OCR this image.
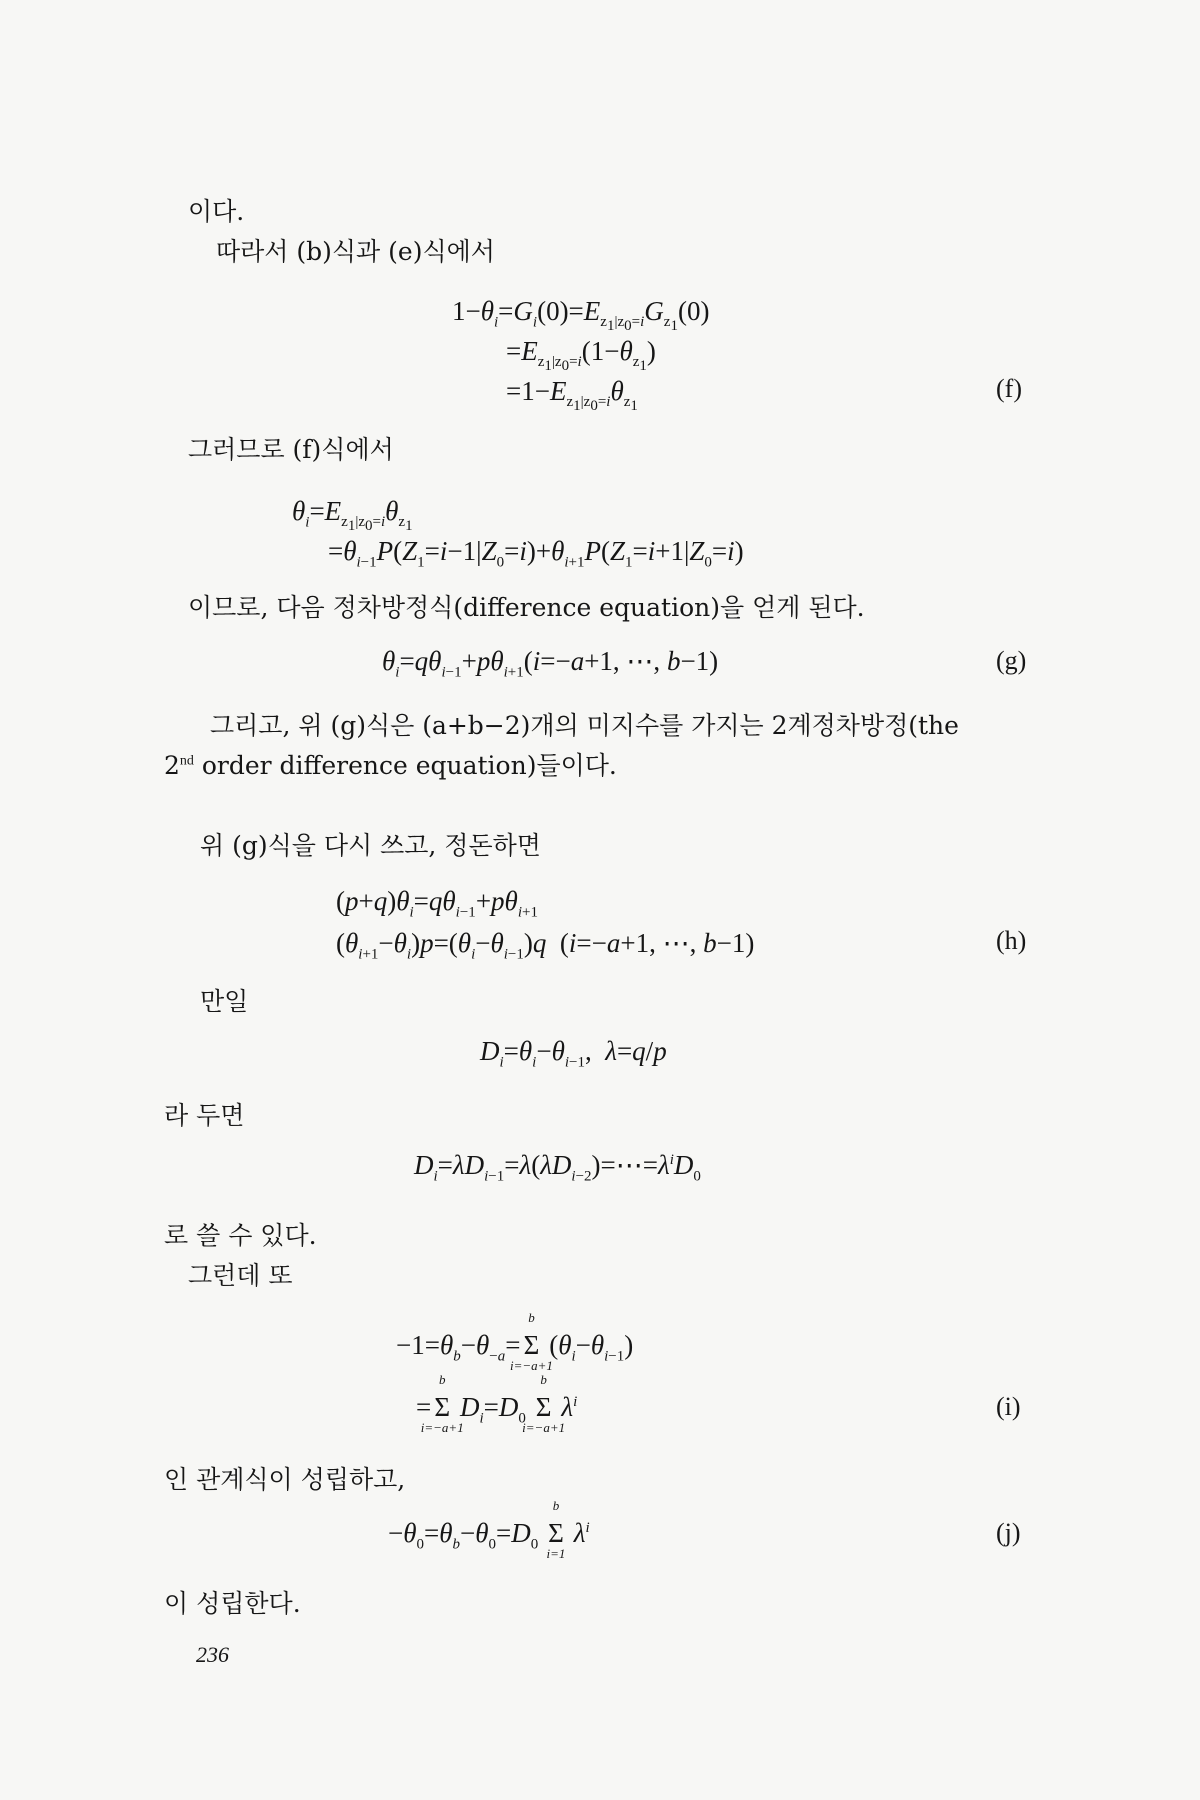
이다.
따라서 (b)식과 (e)식에서
$1-\theta_i=G_i(0)=E_{z_1|z_0=i}G_{z_1}(0)$
$=E_{z_1|z_0=i}(1-\theta_{z_1})$
$=1-E_{z_1|z_0=i}\theta_{z_1}$
(f)
그러므로 (f)식에서
$\theta_i=E_{z_1|z_0=i}\theta_{z_1}$
$=\theta_{i-1}P(Z_1=i-1|Z_0=i)+\theta_{i+1}P(Z_1=i+1|Z_0=i)$
이므로, 다음 정차방정식(difference equation)을 얻게 된다.
$\theta_i=q\theta_{i-1}+p\theta_{i+1}(i=-a+1$, ⋯, b−1)	(g)
그리고, 위 (g)식은 (a+b−2)개의 미지수를 가지는 2계정차방정(the
2nd order difference equation)들이다.
위 (g)식을 다시 쓰고, 정돈하면
$(p+q)\theta_i=q\theta_{i-1}+p\theta_{i+1}$
$(\theta_{i+1}-\theta_i)p=(\theta_i-\theta_{i-1})q$  (i=−a+1, ⋯, b−1)	(h)
만일
$D_i=\theta_i-\theta_{i-1}$,  λ=q/p
라 두면
$D_i=\lambda D_{i-1}=\lambda(\lambda D_{i-2})=\cdots=\lambda^iD_0$
로 쓸 수 있다.
그런데 또
$-1=\theta_b-\theta_{-a}=$
b
Σ
i=−a+1
$(\theta_i-\theta_{i-1})$
=
b
Σ
i=−a+1
$D_i=D_0$
b
Σ
i=−a+1
$\lambda^i$	(i)
인 관계식이 성립하고,
$-\theta_0=\theta_b-\theta_0=D_0$
b
Σ
i=1
$\lambda^i$	(j)
이 성립한다.
236
